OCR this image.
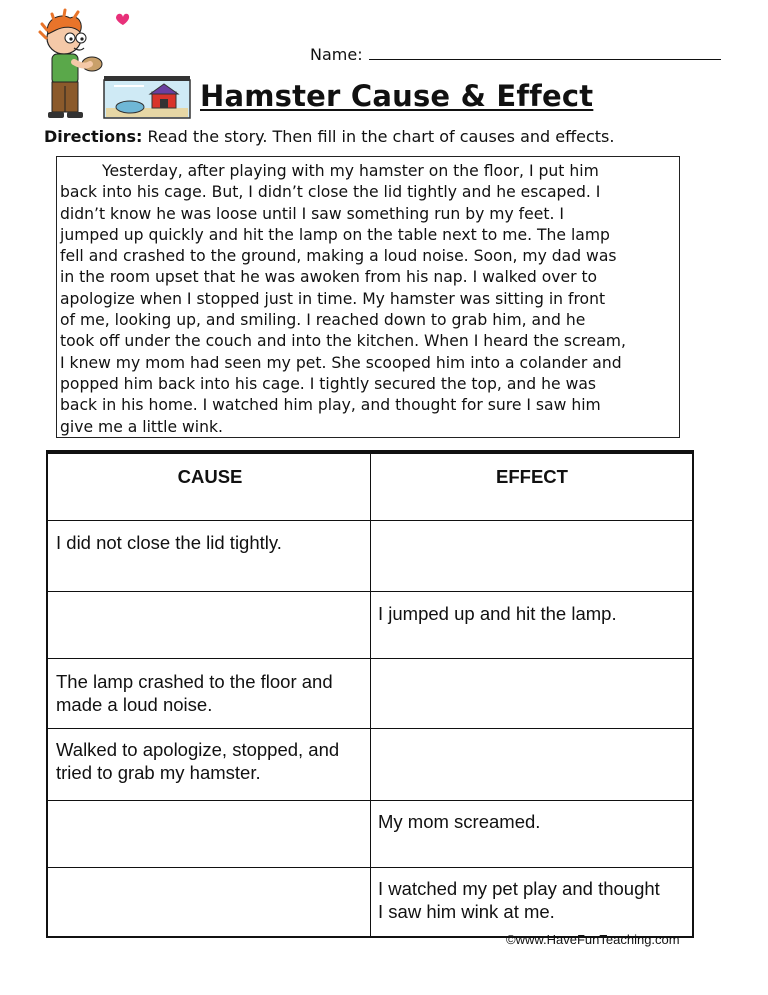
Name:
Hamster Cause & Effect
Directions: Read the story. Then fill in the chart of causes and effects.
Yesterday, after playing with my hamster on the floor, I put him
back into his cage. But, I didn’t close the lid tightly and he escaped. I
didn’t know he was loose until I saw something run by my feet. I
jumped up quickly and hit the lamp on the table next to me. The lamp
fell and crashed to the ground, making a loud noise. Soon, my dad was
in the room upset that he was awoken from his nap. I walked over to
apologize when I stopped just in time. My hamster was sitting in front
of me, looking up, and smiling. I reached down to grab him, and he
took off under the couch and into the kitchen. When I heard the scream,
I knew my mom had seen my pet. She scooped him into a colander and
popped him back into his cage. I tightly secured the top, and he was
back in his home. I watched him play, and thought for sure I saw him
give me a little wink.
CAUSE	EFFECT
I did not close the lid tightly.
I jumped up and hit the lamp.
The lamp crashed to the floor and
made a loud noise.
Walked to apologize, stopped, and
tried to grab my hamster.
My mom screamed.
I watched my pet play and thought
I saw him wink at me.
©www.HaveFunTeaching.com
